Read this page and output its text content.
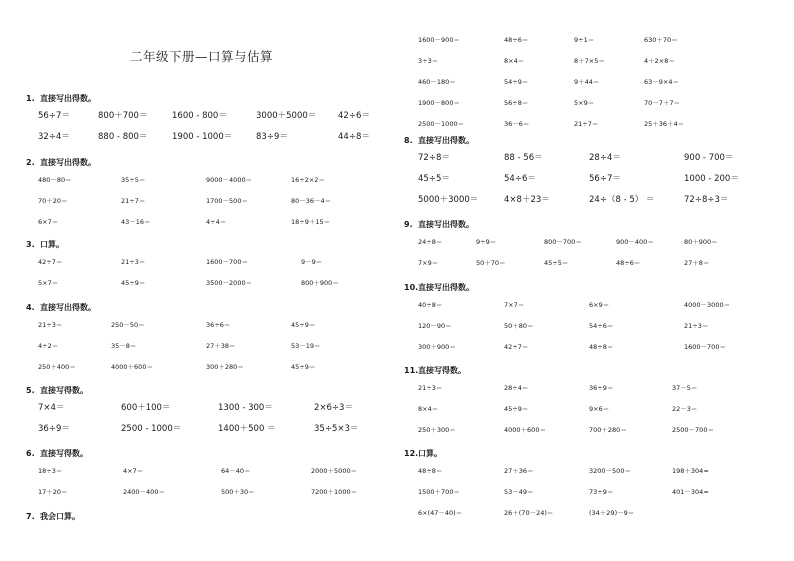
二年级下册—口算与估算
1. 直接写出得数。
56÷7＝	800＋700＝	1600 - 800＝	3000＋5000＝	42÷6＝
32÷4＝	880 - 800＝	1900 - 1000＝	83÷9＝	44÷8＝
2. 直接写出得数。
480－80＝	35÷5＝	9000－4000＝	16÷2×2＝
70＋20＝	21÷7＝	1700－500＝	80－36－4＝
6×7＝	43－16＝	4÷4＝	18÷9＋15＝
3. 口算。
42÷7＝	21÷3＝	1600－700＝	9－9＝
5×7＝	45÷9＝	3500－2000＝	800＋900＝
4. 直接写出得数。
21÷3＝	250－50＝	36÷6＝	45÷9＝
4÷2＝	35－8＝	27＋38＝	53－19＝
250＋400＝	4000＋600＝	300＋280＝	45÷9＝
5. 直接写得数。
7×4＝	600＋100＝	1300 - 300＝	2×6÷3＝
36÷9＝	2500 - 1000＝	1400＋500 ＝	35÷5×3＝
6. 直接写得数。
18÷3＝	4×7＝	64－40＝	2000＋5000＝
17＋20＝	2400－400＝	500＋30＝	7200＋1000＝
7. 我会口算。
1600－900＝	48÷6＝	9÷1＝	630＋70＝
3÷3＝	8×4＝	8＋7×5＝	4＋2×8＝
460－180＝	54÷9＝	9＋44＝	63－9×4＝
1900－800＝	56÷8＝	5×9＝	70－7＋7＝
2500－1000＝	36－6＝	21÷7＝	25＋36＋4＝
8. 直接写出得数。
72÷8＝	88 - 56＝	28÷4＝	900 - 700＝
45÷5＝	54÷6＝	56÷7＝	1000 - 200＝
5000＋3000＝	4×8＋23＝	24÷（8 - 5） ＝	72÷8÷3＝
9. 直接写出得数。
24÷8＝	9÷9＝	800－700＝	900－400＝	80＋900＝
7×9＝	50＋70＝	45÷5＝	48÷6＝	27＋8＝
10.直接写出得数。
40÷8＝	7×7＝	6×9＝	4000－3000＝
120－90＝	50＋80＝	54÷6＝	21÷3＝
300＋900＝	42÷7＝	48÷8＝	1600－700＝
11.直接写得数。
21÷3＝	28÷4＝	36÷9＝	37－5＝
8×4＝	45÷9＝	9×6＝	22－3＝
250＋300＝	4000＋600＝	700＋280＝	2500－700＝
12.口算。
48÷8＝	27＋36＝	3200－500＝	198＋304≈
1500＋700＝	53－49＝	73÷9＝	401－304≈
6×(47－40)＝	26＋(70－24)＝	(34＋29)－9＝
